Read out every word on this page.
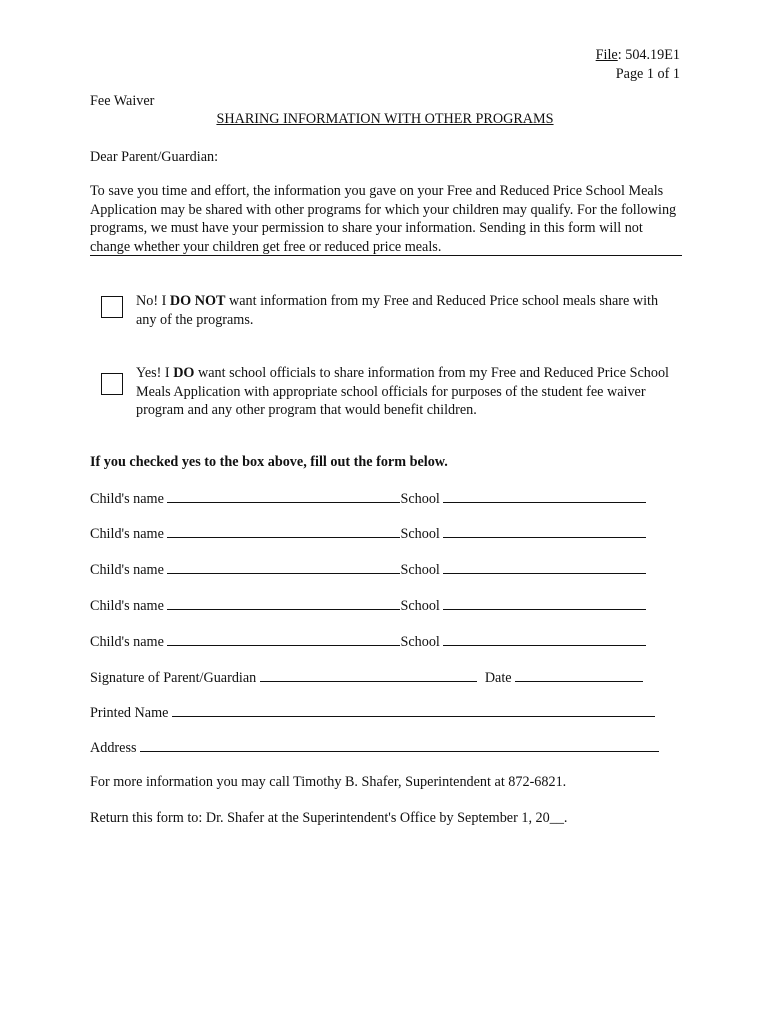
File: 504.19E1
Page 1 of 1
Fee Waiver
SHARING INFORMATION WITH OTHER PROGRAMS
Dear Parent/Guardian:
To save you time and effort, the information you gave on your Free and Reduced Price School Meals Application may be shared with other programs for which your children may qualify. For the following programs, we must have your permission to share your information. Sending in this form will not change whether your children get free or reduced price meals.
No! I DO NOT want information from my Free and Reduced Price school meals share with any of the programs.
Yes! I DO want school officials to share information from my Free and Reduced Price School Meals Application with appropriate school officials for purposes of the student fee waiver program and any other program that would benefit children.
If you checked yes to the box above, fill out the form below.
Child's name	School
Child's name	School
Child's name	School
Child's name	School
Child's name	School
Signature of Parent/Guardian	Date
Printed Name
Address
For more information you may call Timothy B. Shafer, Superintendent at 872-6821.
Return this form to: Dr. Shafer at the Superintendent's Office by September 1, 20__.
